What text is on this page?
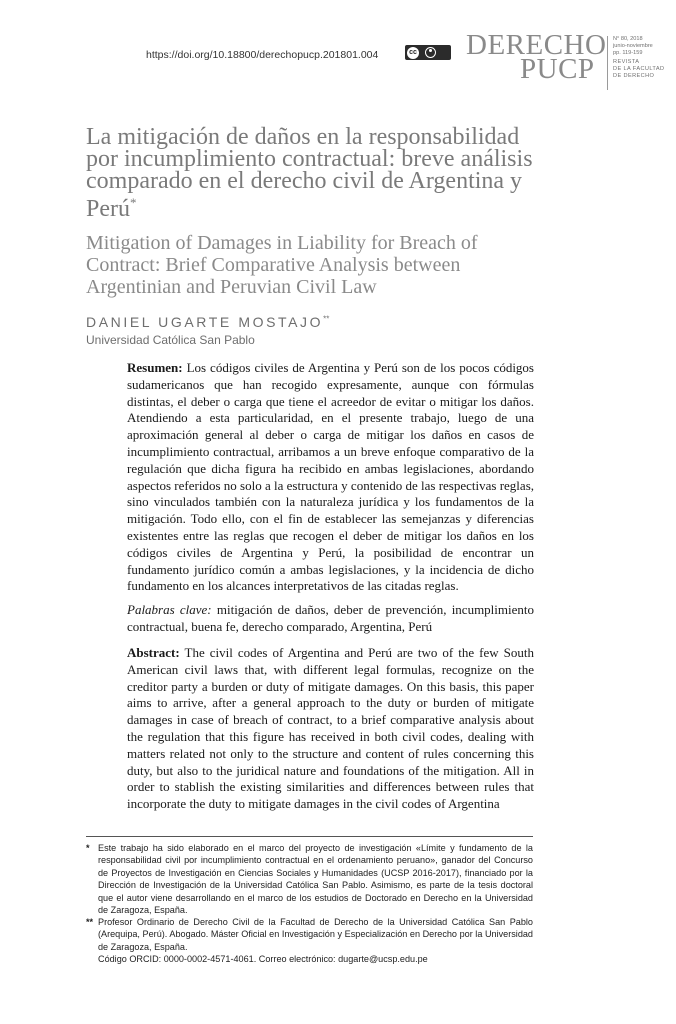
https://doi.org/10.18800/derechopucp.201801.004	cc DERECHO
PUCP
N° 80, 2018
junio-noviembre
pp. 119-159
REVISTA
DE LA FACULTAD
DE DERECHO
La mitigación de daños en la responsabilidad por incumplimiento contractual: breve análisis comparado en el derecho civil de Argentina y Perú*
Mitigation of Damages in Liability for Breach of Contract: Brief Comparative Analysis between Argentinian and Peruvian Civil Law
DANIEL UGARTE MOSTAJO**
Universidad Católica San Pablo

Resumen: Los códigos civiles de Argentina y Perú son de los pocos códigos sudamericanos que han recogido expresamente, aunque con fórmulas distintas, el deber o carga que tiene el acreedor de evitar o mitigar los daños. Atendiendo a esta particularidad, en el presente trabajo, luego de una aproximación general al deber o carga de mitigar los daños en casos de incumplimiento contractual, arribamos a un breve enfoque comparativo de la regulación que dicha figura ha recibido en ambas legislaciones, abordando aspectos referidos no solo a la estructura y contenido de las respectivas reglas, sino vinculados también con la naturaleza jurídica y los fundamentos de la mitigación. Todo ello, con el fin de establecer las semejanzas y diferencias existentes entre las reglas que recogen el deber de mitigar los daños en los códigos civiles de Argentina y Perú, la posibilidad de encontrar un fundamento jurídico común a ambas legislaciones, y la incidencia de dicho fundamento en los alcances interpretativos de las citadas reglas.

Palabras clave: mitigación de daños, deber de prevención, incumplimiento contractual, buena fe, derecho comparado, Argentina, Perú

Abstract: The civil codes of Argentina and Perú are two of the few South American civil laws that, with different legal formulas, recognize on the creditor party a burden or duty of mitigate damages. On this basis, this paper aims to arrive, after a general approach to the duty or burden of mitigate damages in case of breach of contract, to a brief comparative analysis about the regulation that this figure has received in both civil codes, dealing with matters related not only to the structure and content of rules concerning this duty, but also to the juridical nature and foundations of the mitigation. All in order to stablish the existing similarities and differences between rules that incorporate the duty to mitigate damages in the civil codes of Argentina

* Este trabajo ha sido elaborado en el marco del proyecto de investigación «Límite y fundamento de la responsabilidad civil por incumplimiento contractual en el ordenamiento peruano», ganador del Concurso de Proyectos de Investigación en Ciencias Sociales y Humanidades (UCSP 2016-2017), financiado por la Dirección de Investigación de la Universidad Católica San Pablo. Asimismo, es parte de la tesis doctoral que el autor viene desarrollando en el marco de los estudios de Doctorado en Derecho en la Universidad de Zaragoza, España.
** Profesor Ordinario de Derecho Civil de la Facultad de Derecho de la Universidad Católica San Pablo (Arequipa, Perú). Abogado. Máster Oficial en Investigación y Especialización en Derecho por la Universidad de Zaragoza, España.
Código ORCID: 0000-0002-4571-4061. Correo electrónico: dugarte@ucsp.edu.pe
